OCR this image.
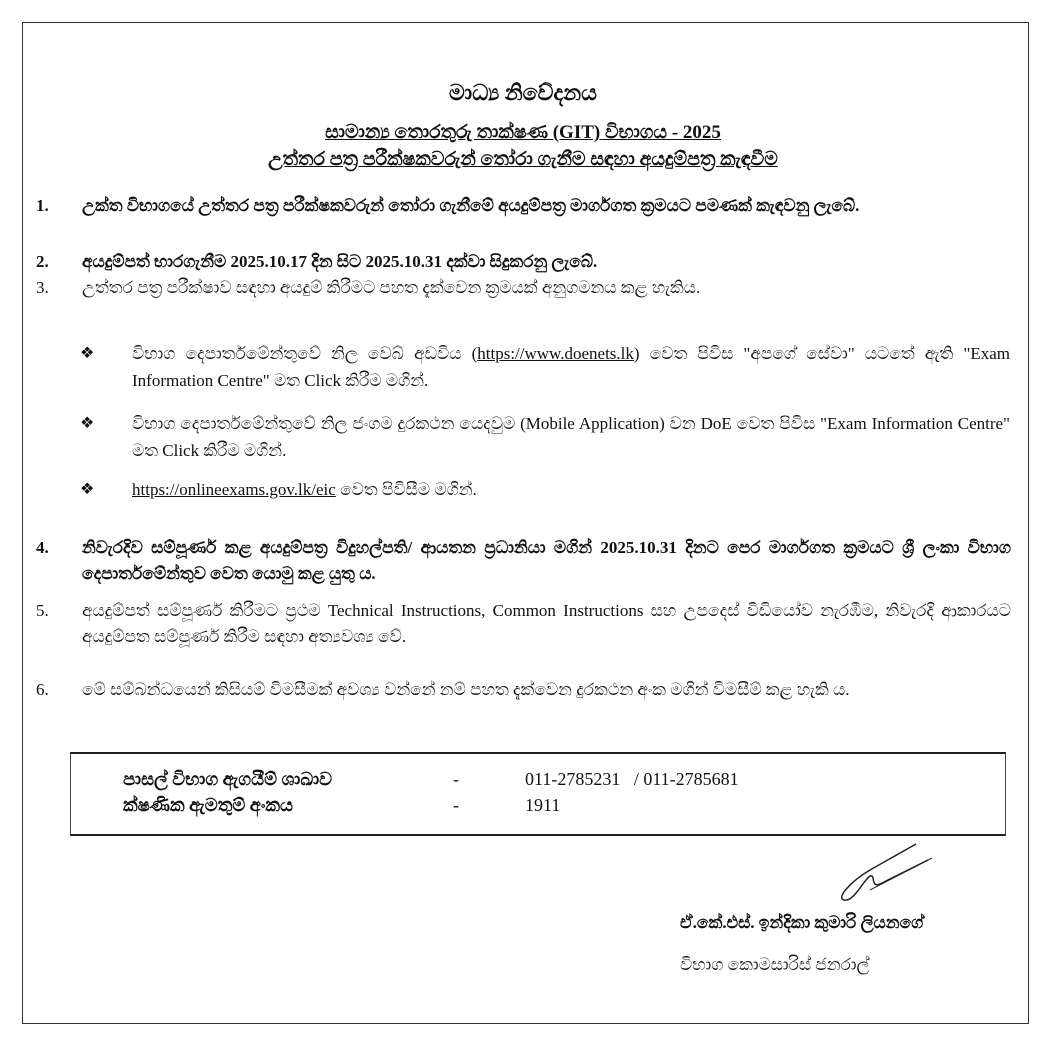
මාධ්‍ය නිවේදනය
සාමාන්‍ය තොරතුරු තාක්ෂණ (GIT) විභාගය - 2025
උත්තර පත්‍ර පරීක්ෂකවරුන් තෝරා ගැනීම සඳහා අයදුම්පත්‍ර කැඳවීම
1.	උක්ත විභාගයේ උත්තර පත්‍ර පරීක්ෂකවරුන් තෝරා ගැනීමේ අයදුම්පත්‍ර මාර්ගගත ක්‍රමයට පමණක් කැඳවනු ලැබේ.
2.	අයදුම්පත් භාරගැනීම 2025.10.17 දින සිට 2025.10.31 දක්වා සිදුකරනු ලැබේ.
3.	උත්තර පත්‍ර පරීක්ෂාව සඳහා අයදුම් කිරීමට පහත දැක්වෙන ක්‍රමයක් අනුගමනය කළ හැකිය.
❖ විභාග දෙපාර්තමේන්තුවේ නිල වෙබ් අඩවිය (https://www.doenets.lk) වෙත පිවිස "අපගේ සේවා" යටතේ ඇති "Exam Information Centre" මත Click කිරීම මගින්.
❖ විභාග දෙපාර්තමේන්තුවේ නිල ජංගම දුරකථන යෙදවුම (Mobile Application) වන DoE වෙත පිවිස "Exam Information Centre" මත Click කිරීම මගින්.
❖ https://onlineexams.gov.lk/eic වෙත පිවිසීම මගින්.
4.	නිවැරදිව සම්පූර්ණ කළ අයදුම්පත්‍ර විදුහල්පති/ ආයතන ප්‍රධානියා මගින් 2025.10.31 දිනට පෙර මාර්ගගත ක්‍රමයට ශ්‍රී ලංකා විභාග දෙපාර්තමේන්තුව වෙත යොමු කළ යුතු ය.
5.	අයදුම්පත් සම්පූර්ණ කිරීමට ප්‍රථම Technical Instructions, Common Instructions සහ උපදෙස් වීඩියෝව නැරඹීම, නිවැරදි ආකාරයට අයදුම්පත සම්පූර්ණ කිරීම සඳහා අත්‍යවශ්‍ය වේ.
6.	මේ සම්බන්ධයෙන් කිසියම් විමසීමක් අවශ්‍ය වන්නේ නම් පහත දැක්වෙන දුරකථන අංක මගින් විමසීම් කළ හැකි ය.
පාසල් විභාග ඇගයීම් ශාඛාව	-	011-2785231   / 011-2785681
ක්ෂණික ඇමතුම් අංකය	-	1911
ඒ.කේ.එස්. ඉන්දිකා කුමාරි ලියනගේ
විභාග කොමසාරිස් ජනරාල්
